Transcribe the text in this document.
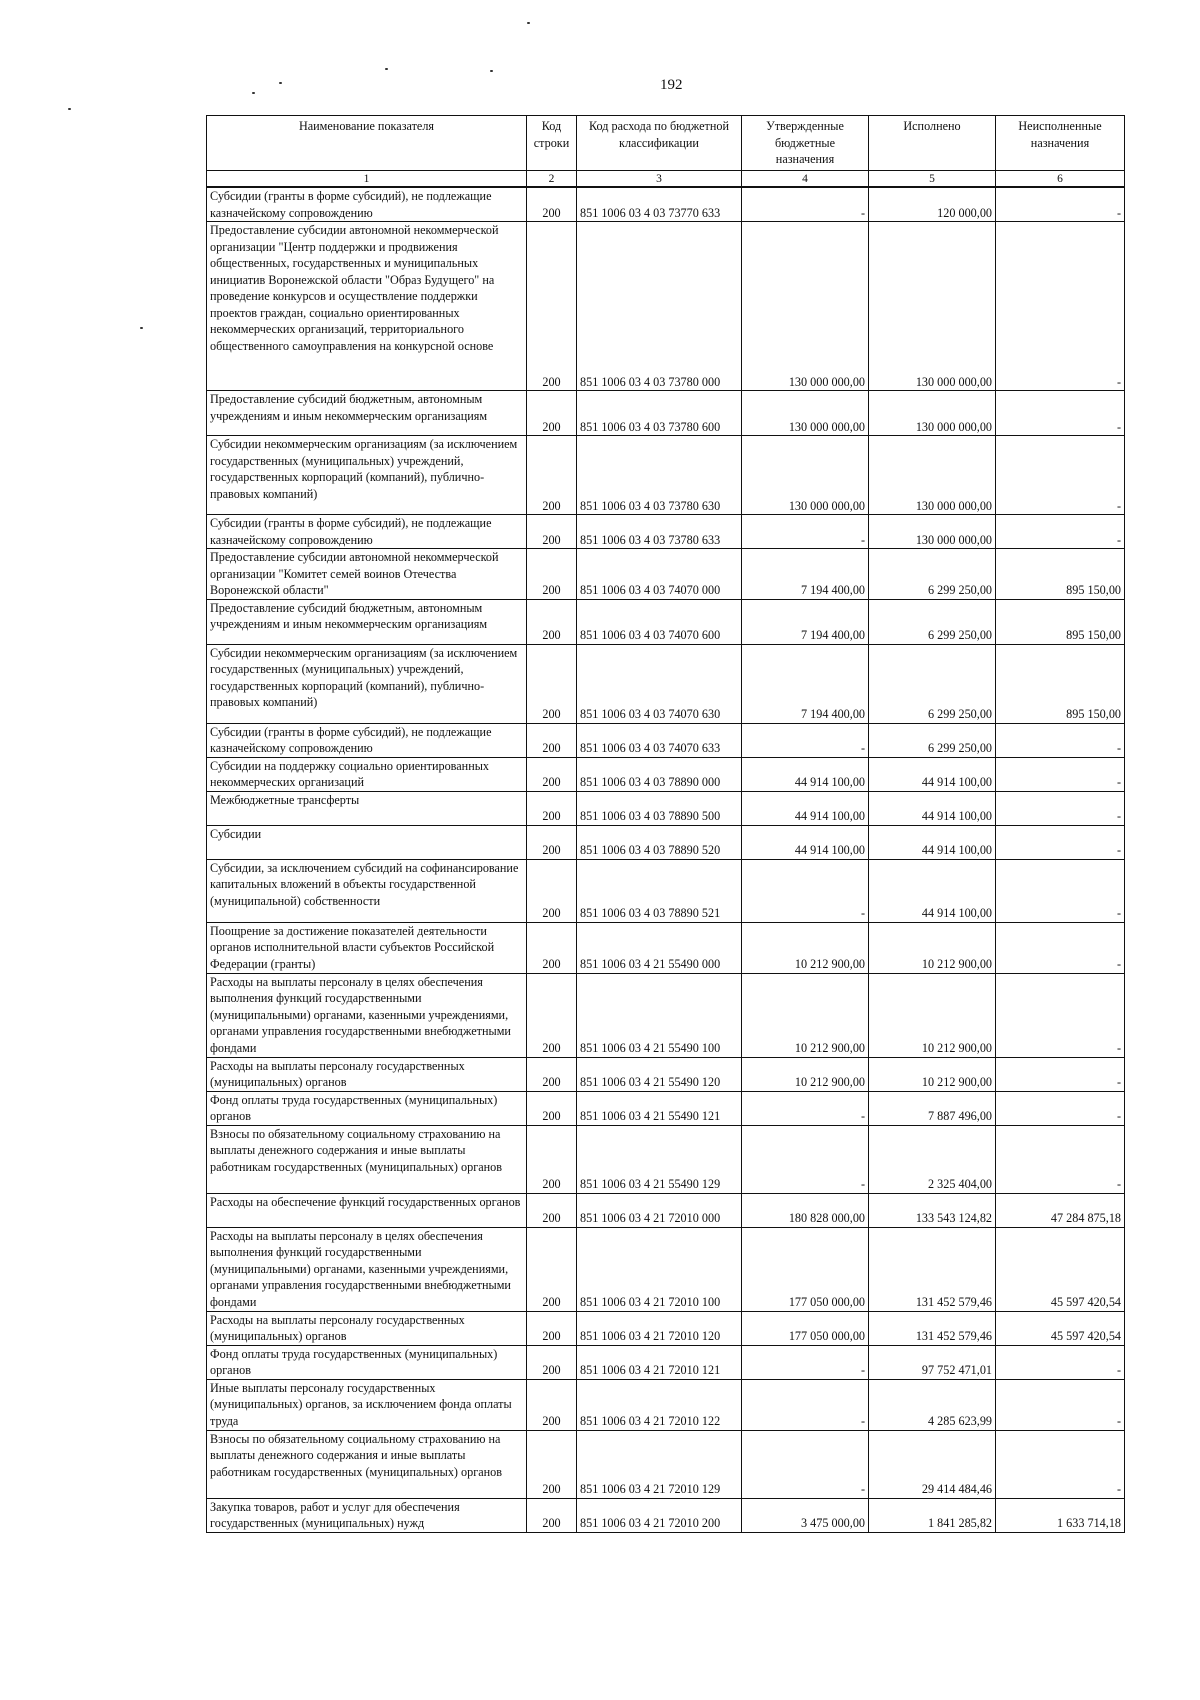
192
Наименование показателя	Код строки	Код расхода по бюджетной классификации	Утвержденные бюджетные назначения	Исполнено	Неисполненные назначения
1	2	3	4	5	6
Субсидии (гранты в форме субсидий), не подлежащие казначейскому сопровождению	200	851 1006 03 4 03 73770 633	-	120 000,00	-
Предоставление субсидии автономной некоммерческой организации "Центр поддержки и продвижения общественных, государственных и муниципальных инициатив Воронежской области "Образ Будущего" на проведение конкурсов и осуществление поддержки проектов граждан, социально ориентированных некоммерческих организаций, территориального общественного самоуправления на конкурсной основе	200	851 1006 03 4 03 73780 000	130 000 000,00	130 000 000,00	-
Предоставление субсидий бюджетным, автономным учреждениям и иным некоммерческим организациям	200	851 1006 03 4 03 73780 600	130 000 000,00	130 000 000,00	-
Субсидии некоммерческим организациям (за исключением государственных (муниципальных) учреждений, государственных корпораций (компаний), публично-правовых компаний)	200	851 1006 03 4 03 73780 630	130 000 000,00	130 000 000,00	-
Субсидии (гранты в форме субсидий), не подлежащие казначейскому сопровождению	200	851 1006 03 4 03 73780 633	-	130 000 000,00	-
Предоставление субсидии автономной некоммерческой организации "Комитет семей воинов Отечества Воронежской области"	200	851 1006 03 4 03 74070 000	7 194 400,00	6 299 250,00	895 150,00
Предоставление субсидий бюджетным, автономным учреждениям и иным некоммерческим организациям	200	851 1006 03 4 03 74070 600	7 194 400,00	6 299 250,00	895 150,00
Субсидии некоммерческим организациям (за исключением государственных (муниципальных) учреждений, государственных корпораций (компаний), публично-правовых компаний)	200	851 1006 03 4 03 74070 630	7 194 400,00	6 299 250,00	895 150,00
Субсидии (гранты в форме субсидий), не подлежащие казначейскому сопровождению	200	851 1006 03 4 03 74070 633	-	6 299 250,00	-
Субсидии на поддержку социально ориентированных некоммерческих организаций	200	851 1006 03 4 03 78890 000	44 914 100,00	44 914 100,00	-
Межбюджетные трансферты	200	851 1006 03 4 03 78890 500	44 914 100,00	44 914 100,00	-
Субсидии	200	851 1006 03 4 03 78890 520	44 914 100,00	44 914 100,00	-
Субсидии, за исключением субсидий на софинансирование капитальных вложений в объекты государственной (муниципальной) собственности	200	851 1006 03 4 03 78890 521	-	44 914 100,00	-
Поощрение за достижение показателей деятельности органов исполнительной власти субъектов Российской Федерации (гранты)	200	851 1006 03 4 21 55490 000	10 212 900,00	10 212 900,00	-
Расходы на выплаты персоналу в целях обеспечения выполнения функций государственными (муниципальными) органами, казенными учреждениями, органами управления государственными внебюджетными фондами	200	851 1006 03 4 21 55490 100	10 212 900,00	10 212 900,00	-
Расходы на выплаты персоналу государственных (муниципальных) органов	200	851 1006 03 4 21 55490 120	10 212 900,00	10 212 900,00	-
Фонд оплаты труда государственных (муниципальных) органов	200	851 1006 03 4 21 55490 121	-	7 887 496,00	-
Взносы по обязательному социальному страхованию на выплаты денежного содержания и иные выплаты работникам государственных (муниципальных) органов	200	851 1006 03 4 21 55490 129	-	2 325 404,00	-
Расходы на обеспечение функций государственных органов	200	851 1006 03 4 21 72010 000	180 828 000,00	133 543 124,82	47 284 875,18
Расходы на выплаты персоналу в целях обеспечения выполнения функций государственными (муниципальными) органами, казенными учреждениями, органами управления государственными внебюджетными фондами	200	851 1006 03 4 21 72010 100	177 050 000,00	131 452 579,46	45 597 420,54
Расходы на выплаты персоналу государственных (муниципальных) органов	200	851 1006 03 4 21 72010 120	177 050 000,00	131 452 579,46	45 597 420,54
Фонд оплаты труда государственных (муниципальных) органов	200	851 1006 03 4 21 72010 121	-	97 752 471,01	-
Иные выплаты персоналу государственных (муниципальных) органов, за исключением фонда оплаты труда	200	851 1006 03 4 21 72010 122	-	4 285 623,99	-
Взносы по обязательному социальному страхованию на выплаты денежного содержания и иные выплаты работникам государственных (муниципальных) органов	200	851 1006 03 4 21 72010 129	-	29 414 484,46	-
Закупка товаров, работ и услуг для обеспечения государственных (муниципальных) нужд	200	851 1006 03 4 21 72010 200	3 475 000,00	1 841 285,82	1 633 714,18
